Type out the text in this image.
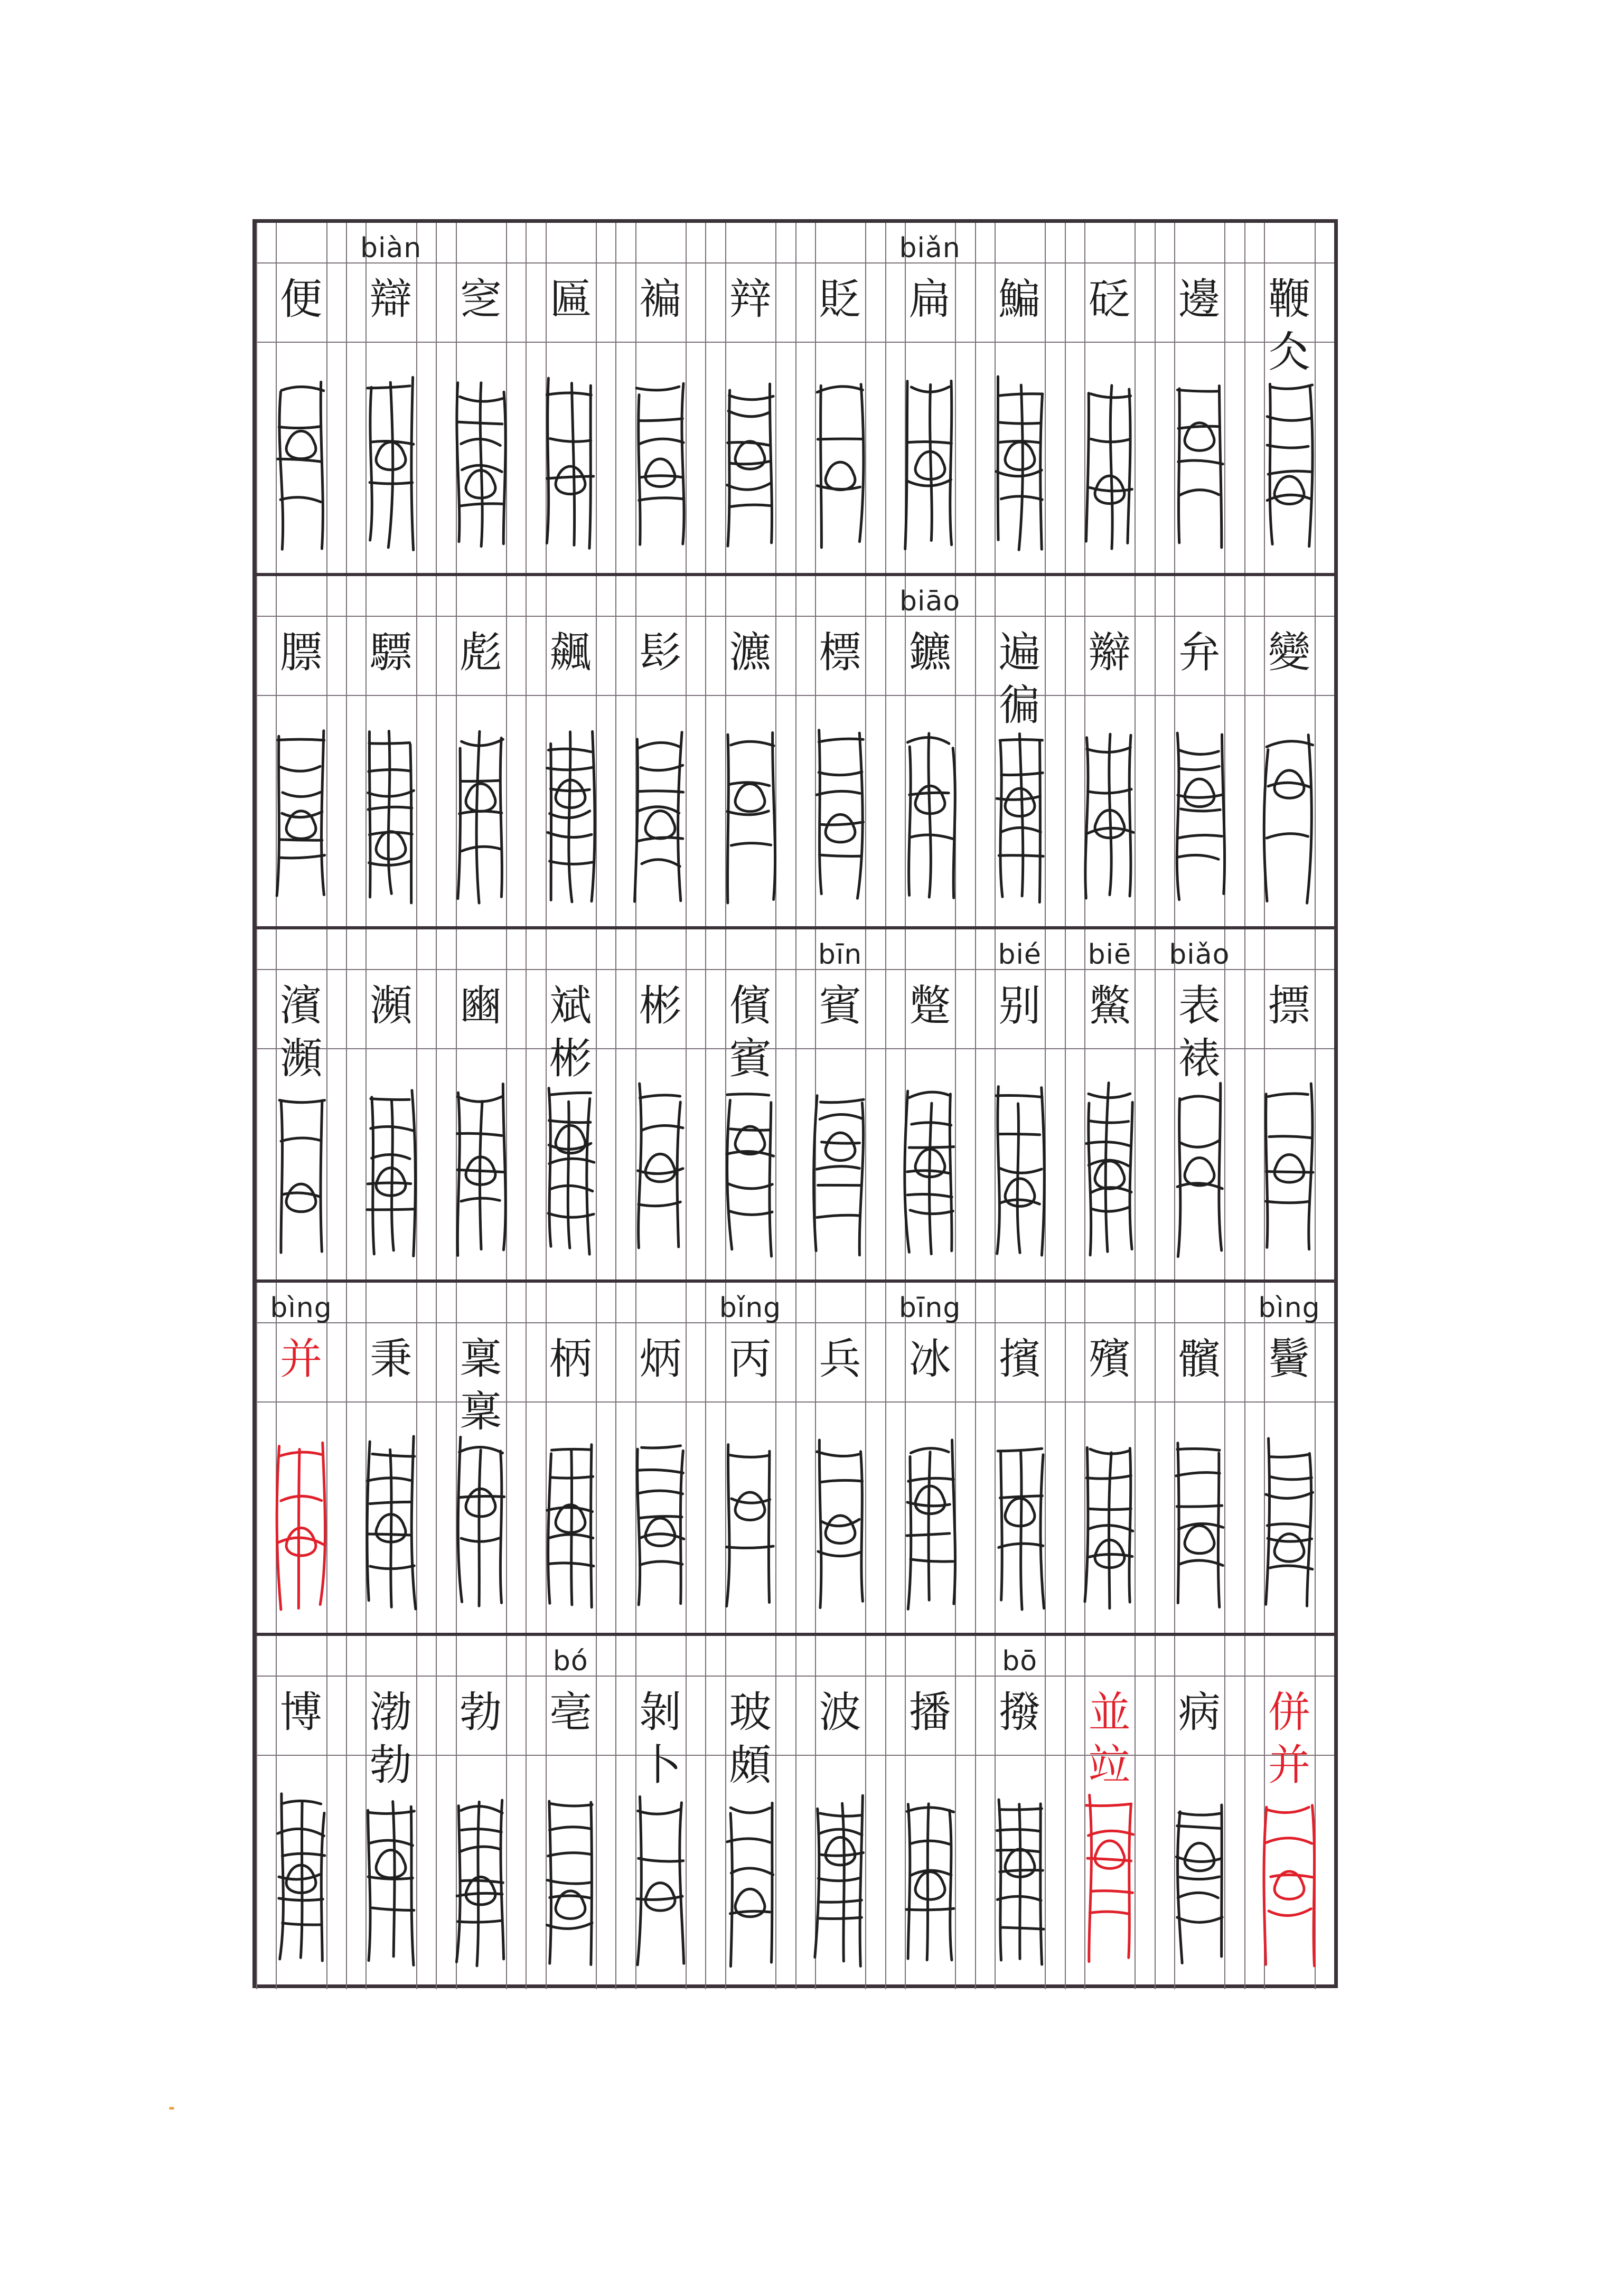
鞭
仌
邊
砭
鯿
biǎn
扁
貶
辡
褊
匾
窆
biàn
辯
便
變
弁
辮
遍
徧
biāo
鑣
標
瀌
髟
飆
彪
驃
膘
摽
biǎo
表
裱
biē
鱉
bié
别
蹩
bīn
賓
儐
賓
彬
斌
彬
豳
瀕
濱
瀕
bìng
鬢
髕
殯
擯
bīng
冰
兵
bǐng
丙
炳
柄
稟
稟
秉
bìng
并
併
并
病
並
竝
bō
撥
播
波
玻
頗
剝
卜
bó
亳
勃
渤
勃
博
